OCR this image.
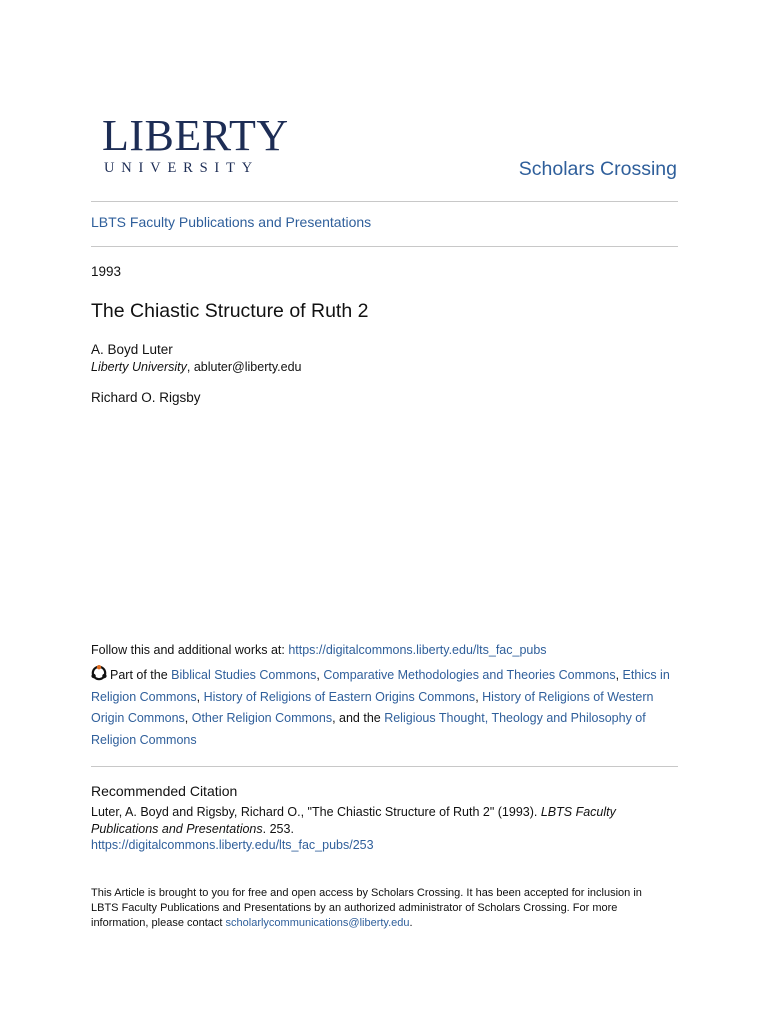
LIBERTY
UNIVERSITY	Scholars Crossing
LBTS Faculty Publications and Presentations
1993
The Chiastic Structure of Ruth 2
A. Boyd Luter
Liberty University, abluter@liberty.edu
Richard O. Rigsby
Follow this and additional works at: https://digitalcommons.liberty.edu/lts_fac_pubs
Part of the Biblical Studies Commons, Comparative Methodologies and Theories Commons, Ethics in Religion Commons, History of Religions of Eastern Origins Commons, History of Religions of Western Origin Commons, Other Religion Commons, and the Religious Thought, Theology and Philosophy of Religion Commons
Recommended Citation
Luter, A. Boyd and Rigsby, Richard O., "The Chiastic Structure of Ruth 2" (1993). LBTS Faculty Publications and Presentations. 253.
https://digitalcommons.liberty.edu/lts_fac_pubs/253
This Article is brought to you for free and open access by Scholars Crossing. It has been accepted for inclusion in LBTS Faculty Publications and Presentations by an authorized administrator of Scholars Crossing. For more information, please contact scholarlycommunications@liberty.edu.
